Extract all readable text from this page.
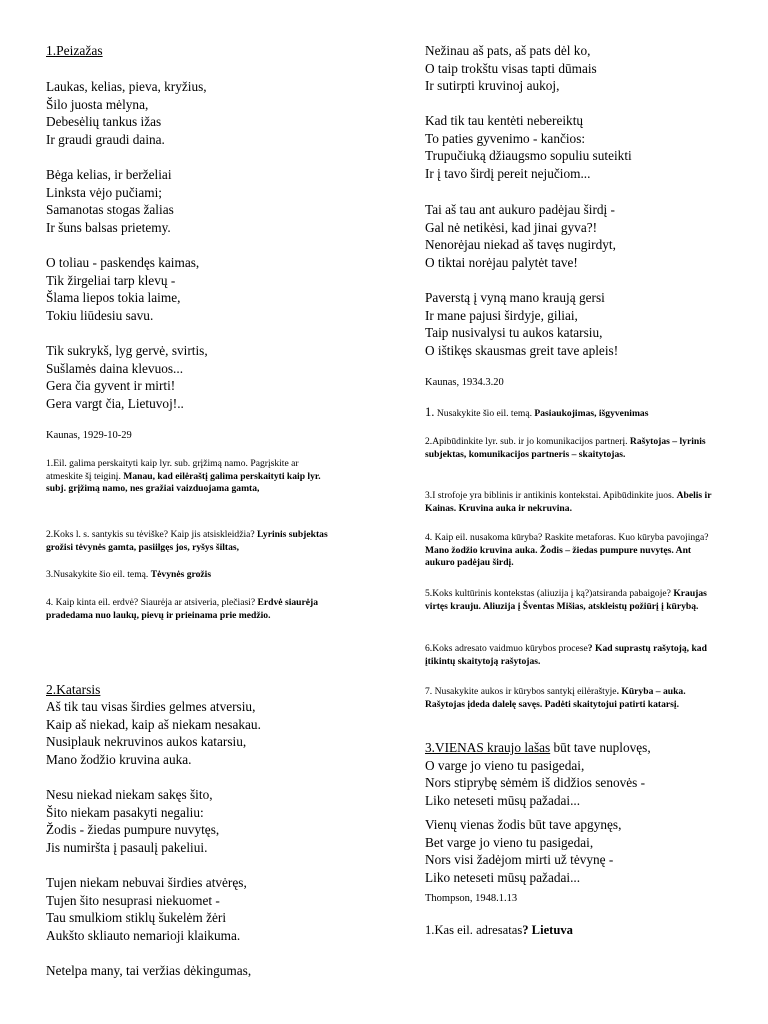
1.Peizažas
Laukas, kelias, pieva, kryžius,
Šilo juosta mėlyna,
Debesėlių tankus ižas
Ir graudi graudi daina.
Bėga kelias, ir berželiai
Linksta vėjo pučiami;
Samanotas stogas žalias
Ir šuns balsas prietemy.
O toliau - paskendęs kaimas,
Tik žirgeliai tarp klevų -
Šlama liepos tokia laime,
Tokiu liūdesiu savu.
Tik sukrykš, lyg gervė, svirtis,
Sušlamės daina klevuos...
Gera čia gyvent ir mirti!
Gera vargt čia, Lietuvoj!..
Kaunas, 1929-10-29
1.Eil. galima perskaityti kaip lyr. sub. grįžimą namo. Pagrįskite ar atmeskite šį teiginį. Manau, kad eilėraštį galima perskaityti kaip lyr. subj. grįžimą namo, nes gražiai vaizduojama gamta,
2.Koks l. s. santykis su tėviške? Kaip jis atsiskleidžia? Lyrinis subjektas grožisi tėvynės gamta, pasiilgęs jos, ryšys šiltas,
3.Nusakykite šio eil. temą. Tėvynės grožis
4. Kaip kinta eil. erdvė? Siaurėja ar atsiveria, plečiasi? Erdvė siaurėja pradedama nuo laukų, pievų ir prieinama prie medžio.
2.Katarsis
Aš tik tau visas širdies gelmes atversiu,
Kaip aš niekad, kaip aš niekam nesakau.
Nusiplauk nekruvinos aukos katarsiu,
Mano žodžio kruvina auka.
Nesu niekad niekam sakęs šito,
Šito niekam pasakyti negaliu:
Žodis - žiedas pumpure nuvytęs,
Jis numiršta į pasaulį pakeliui.
Tujen niekam nebuvai širdies atvėręs,
Tujen šito nesuprasi niekuomet -
Tau smulkiom stiklų šukelėm žėri
Aukšto skliauto nemarioji klaikuma.
Netelpa many, tai veržias dėkingumas,
Nežinau aš pats, aš pats dėl ko,
O taip trokštu visas tapti dūmais
Ir sutirpti kruvinoj aukoj,
Kad tik tau kentėti nebereiktų
To paties gyvenimo - kančios:
Trupučiuką džiaugsmo sopuliu suteikti
Ir į tavo širdį pereit nejučiom...
Tai aš tau ant aukuro padėjau širdį -
Gal nė netikėsi, kad jinai gyva?!
Nenorėjau niekad aš tavęs nugirdyt,
O tiktai norėjau palytėt tave!
Paverstą į vyną mano kraują gersi
Ir mane pajusi širdyje, giliai,
Taip nusivalysi tu aukos katarsiu,
O ištikęs skausmas greit tave apleis!
Kaunas, 1934.3.20
1. Nusakykite šio eil. temą. Pasiaukojimas, išgyvenimas
2.Apibūdinkite lyr. sub. ir jo komunikacijos partnerį. Rašytojas – lyrinis subjektas, komunikacijos partneris – skaitytojas.
3.I strofoje yra biblinis ir antikinis kontekstai. Apibūdinkite juos. Abelis ir Kainas. Kruvina auka ir nekruvina.
4. Kaip eil. nusakoma kūryba? Raskite metaforas. Kuo kūryba pavojinga? Mano žodžio kruvina auka. Žodis – žiedas pumpure nuvytęs. Ant aukuro padėjau širdį.
5.Koks kultūrinis kontekstas (aliuzija į ką?)atsiranda pabaigoje? Kraujas virtęs krauju. Aliuzija į Šventas Mišias, atskleistų požiūrį į kūrybą.
6.Koks adresato vaidmuo kūrybos procese? Kad suprastų rašytoją, kad įtikintų skaitytoją rašytojas.
7. Nusakykite aukos ir kūrybos santykį eilėraštyje. Kūryba – auka. Rašytojas įdeda dalelę savęs. Padėti skaitytojui patirti katarsį.
3.VIENAS kraujo lašas būt tave nuplovęs,
O varge jo vieno tu pasigedai,
Nors stiprybę sėmėm iš didžios senovės -
Liko neteseti mūsų pažadai...
Vienų vienas žodis būt tave apgynęs,
Bet varge jo vieno tu pasigedai,
Nors visi žadėjom mirti už tėvynę -
Liko neteseti mūsų pažadai...
Thompson, 1948.1.13
1.Kas eil. adresatas? Lietuva
